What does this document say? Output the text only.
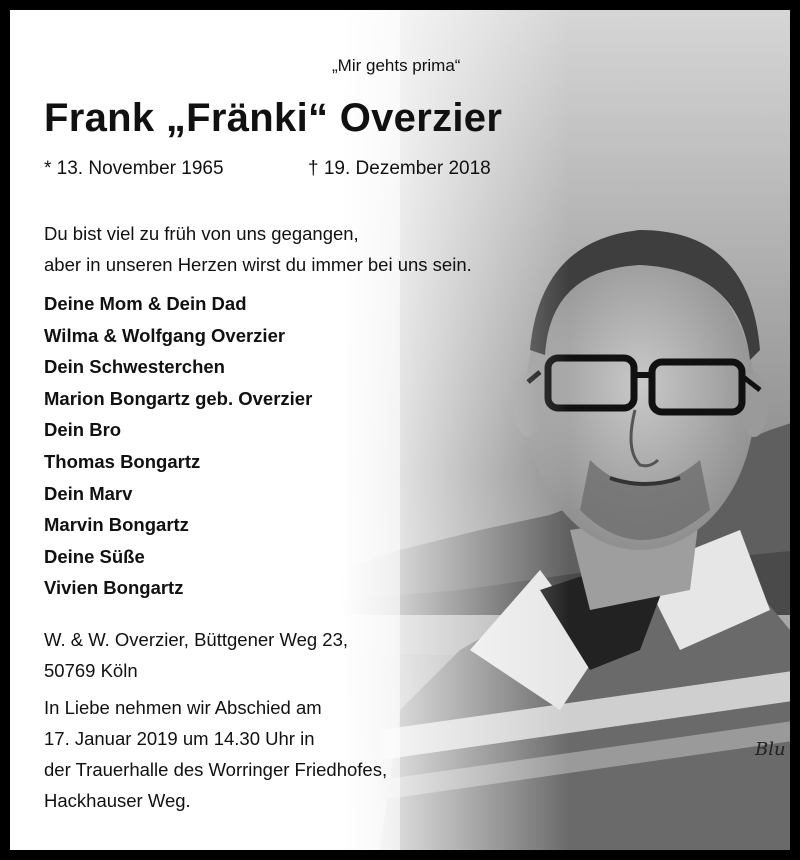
„Mir gehts prima“
Frank „Fränki“ Overzier
* 13. November 1965	† 19. Dezember 2018
Du bist viel zu früh von uns gegangen,
aber in unseren Herzen wirst du immer bei uns sein.
Deine Mom & Dein Dad
Wilma & Wolfgang Overzier
Dein Schwesterchen
Marion Bongartz geb. Overzier
Dein Bro
Thomas Bongartz
Dein Marv
Marvin Bongartz
Deine Süße
Vivien Bongartz
W. & W. Overzier, Büttgener Weg 23,
50769 Köln
In Liebe nehmen wir Abschied am
17. Januar 2019 um 14.30 Uhr in
der Trauerhalle des Worringer Friedhofes,
Hackhauser Weg.
